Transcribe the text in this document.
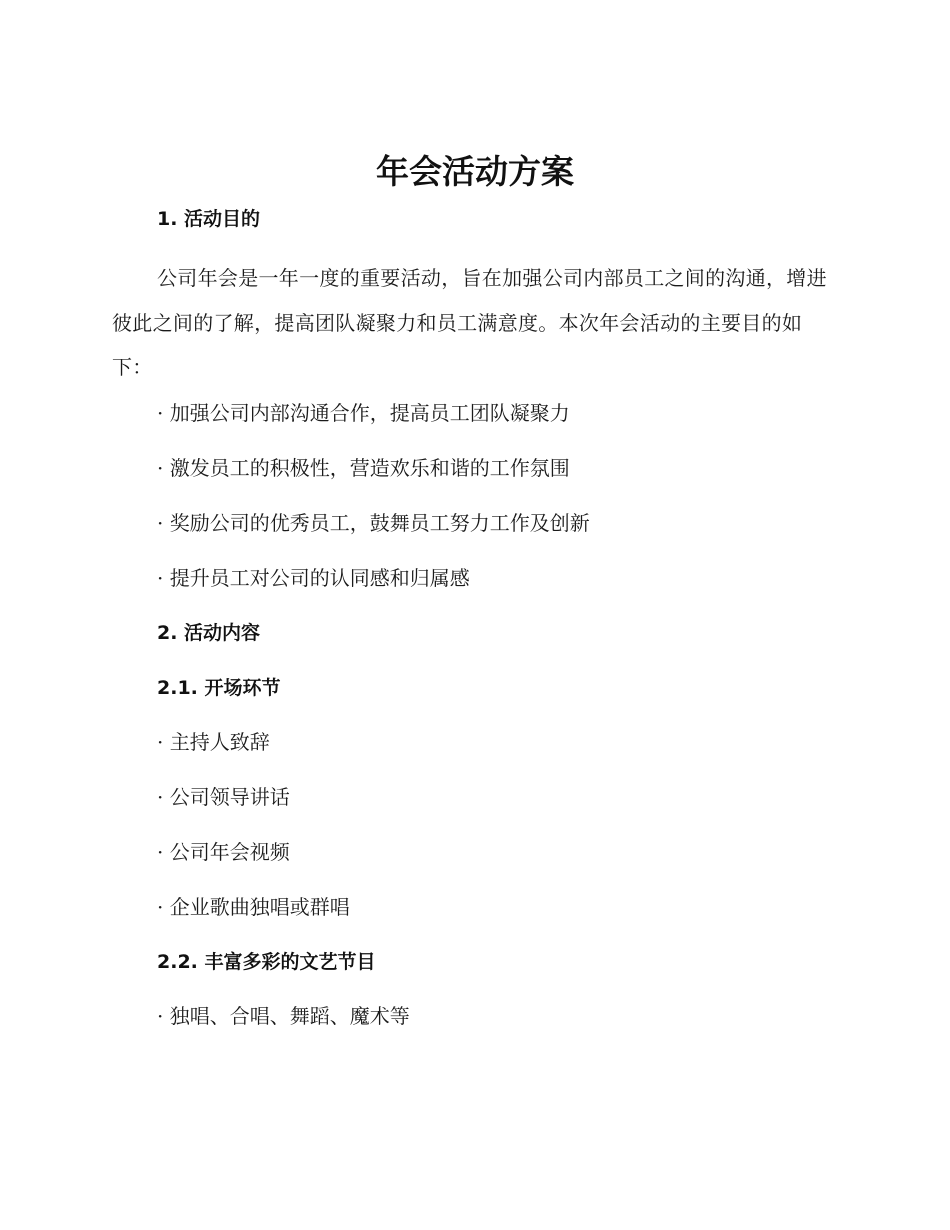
年会活动方案
1. 活动目的

公司年会是一年一度的重要活动，旨在加强公司内部员工之间的沟通，增进彼此之间的了解，提高团队凝聚力和员工满意度。本次年会活动的主要目的如下：

· 加强公司内部沟通合作，提高员工团队凝聚力

· 激发员工的积极性，营造欢乐和谐的工作氛围

· 奖励公司的优秀员工，鼓舞员工努力工作及创新

· 提升员工对公司的认同感和归属感

2. 活动内容
2.1. 开场环节

· 主持人致辞

· 公司领导讲话

· 公司年会视频

· 企业歌曲独唱或群唱

2.2. 丰富多彩的文艺节目

· 独唱、合唱、舞蹈、魔术等
